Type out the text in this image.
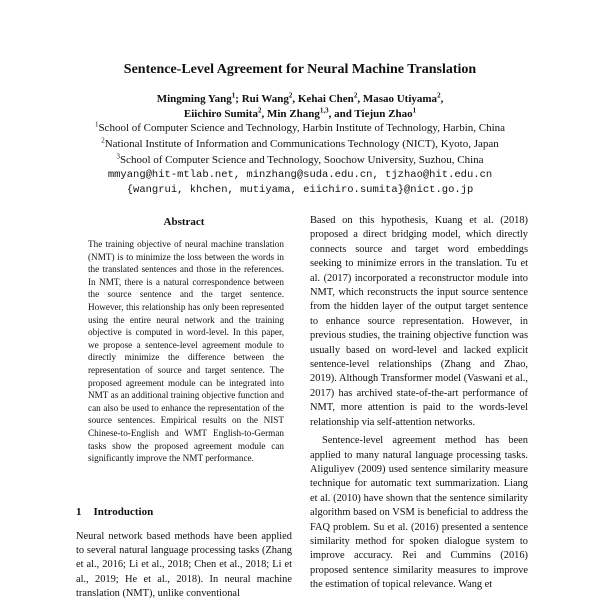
Sentence-Level Agreement for Neural Machine Translation
Mingming Yang$^1$; Rui Wang$^2$, Kehai Chen$^2$, Masao Utiyama$^2$,
Eiichiro Sumita$^2$, Min Zhang$^{1,3}$, and Tiejun Zhao$^1$
$^1$School of Computer Science and Technology, Harbin Institute of Technology, Harbin, China
$^2$National Institute of Information and Communications Technology (NICT), Kyoto, Japan
$^3$School of Computer Science and Technology, Soochow University, Suzhou, China
mmyang@hit-mtlab.net, minzhang@suda.edu.cn, tjzhao@hit.edu.cn
{wangrui, khchen, mutiyama, eiichiro.sumita}@nict.go.jp
Abstract

The training objective of neural machine translation (NMT) is to minimize the loss between the words in the translated sentences and those in the references. In NMT, there is a natural correspondence between the source sentence and the target sentence. However, this relationship has only been represented using the entire neural network and the training objective is computed in word-level. In this paper, we propose a sentence-level agreement module to directly minimize the difference between the representation of source and target sentence. The proposed agreement module can be integrated into NMT as an additional training objective function and can also be used to enhance the representation of the source sentences. Empirical results on the NIST Chinese-to-English and WMT English-to-German tasks show the proposed agreement module can significantly improve the NMT performance.

1 Introduction

Neural network based methods have been applied to several natural language processing tasks (Zhang et al., 2016; Li et al., 2018; Chen et al., 2018; Li et al., 2019; He et al., 2018). In neural machine translation (NMT), unlike conventional

Based on this hypothesis, Kuang et al. (2018) proposed a direct bridging model, which directly connects source and target word embeddings seeking to minimize errors in the translation. Tu et al. (2017) incorporated a reconstructor module into NMT, which reconstructs the input source sentence from the hidden layer of the output target sentence to enhance source representation. However, in previous studies, the training objective function was usually based on word-level and lacked explicit sentence-level relationships (Zhang and Zhao, 2019). Although Transformer model (Vaswani et al., 2017) has archived state-of-the-art performance of NMT, more attention is paid to the words-level relationship via self-attention networks.

Sentence-level agreement method has been applied to many natural language processing tasks. Aliguliyev (2009) used sentence similarity measure technique for automatic text summarization. Liang et al. (2010) have shown that the sentence similarity algorithm based on VSM is beneficial to address the FAQ problem. Su et al. (2016) presented a sentence similarity method for spoken dialogue system to improve accuracy. Rei and Cummins (2016) proposed sentence similarity measures to improve the estimation of topical relevance. Wang et
